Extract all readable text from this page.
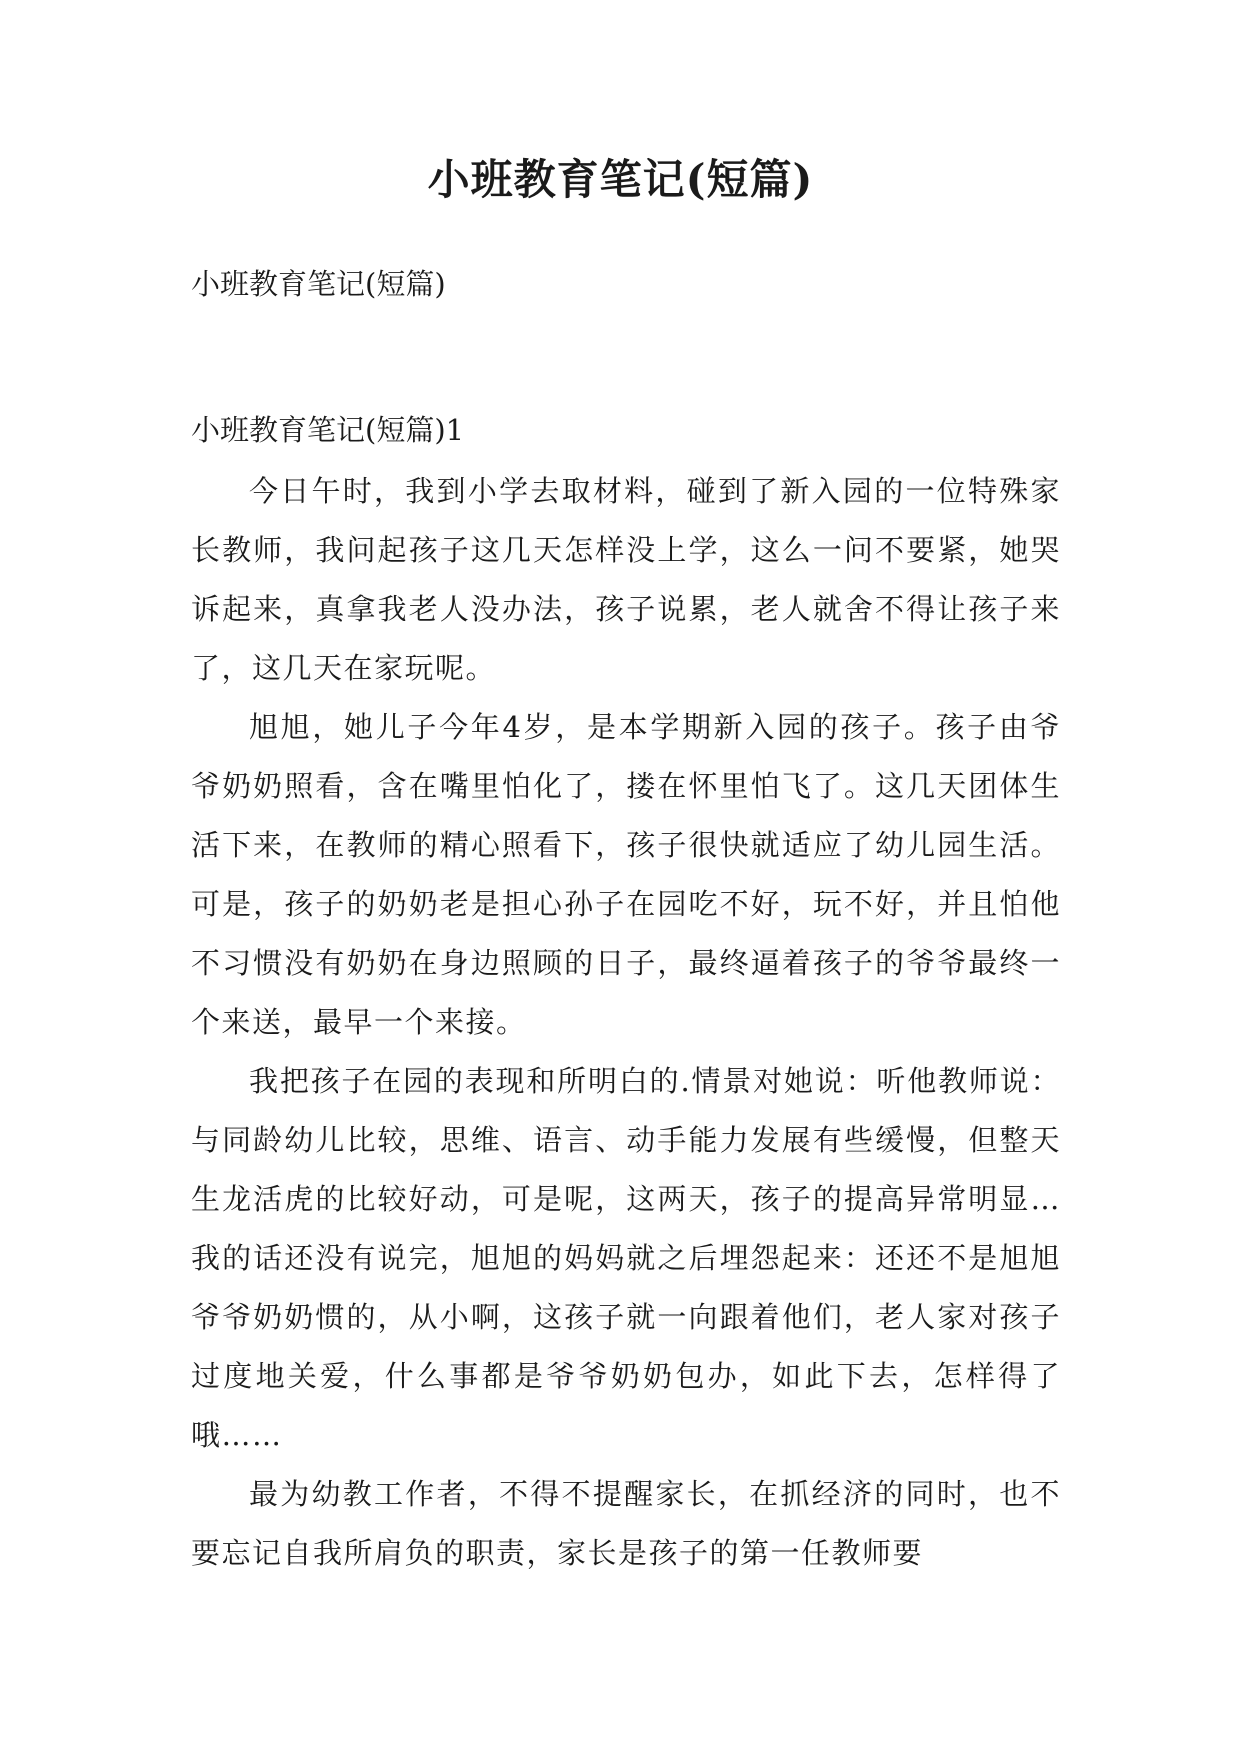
小班教育笔记(短篇)

小班教育笔记(短篇)

小班教育笔记(短篇)1

今日午时，我到小学去取材料，碰到了新入园的一位特殊家长教师，我问起孩子这几天怎样没上学，这么一问不要紧，她哭诉起来，真拿我老人没办法，孩子说累，老人就舍不得让孩子来了，这几天在家玩呢。

旭旭，她儿子今年4岁，是本学期新入园的孩子。孩子由爷爷奶奶照看，含在嘴里怕化了，搂在怀里怕飞了。这几天团体生活下来，在教师的精心照看下，孩子很快就适应了幼儿园生活。可是，孩子的奶奶老是担心孙子在园吃不好，玩不好，并且怕他不习惯没有奶奶在身边照顾的日子，最终逼着孩子的爷爷最终一个来送，最早一个来接。

我把孩子在园的表现和所明白的.情景对她说：听他教师说：与同龄幼儿比较，思维、语言、动手能力发展有些缓慢，但整天生龙活虎的比较好动，可是呢，这两天，孩子的提高异常明显…我的话还没有说完，旭旭的妈妈就之后埋怨起来：还还不是旭旭爷爷奶奶惯的，从小啊，这孩子就一向跟着他们，老人家对孩子过度地关爱，什么事都是爷爷奶奶包办，如此下去，怎样得了哦……

最为幼教工作者，不得不提醒家长，在抓经济的同时，也不要忘记自我所肩负的职责，家长是孩子的第一任教师要
